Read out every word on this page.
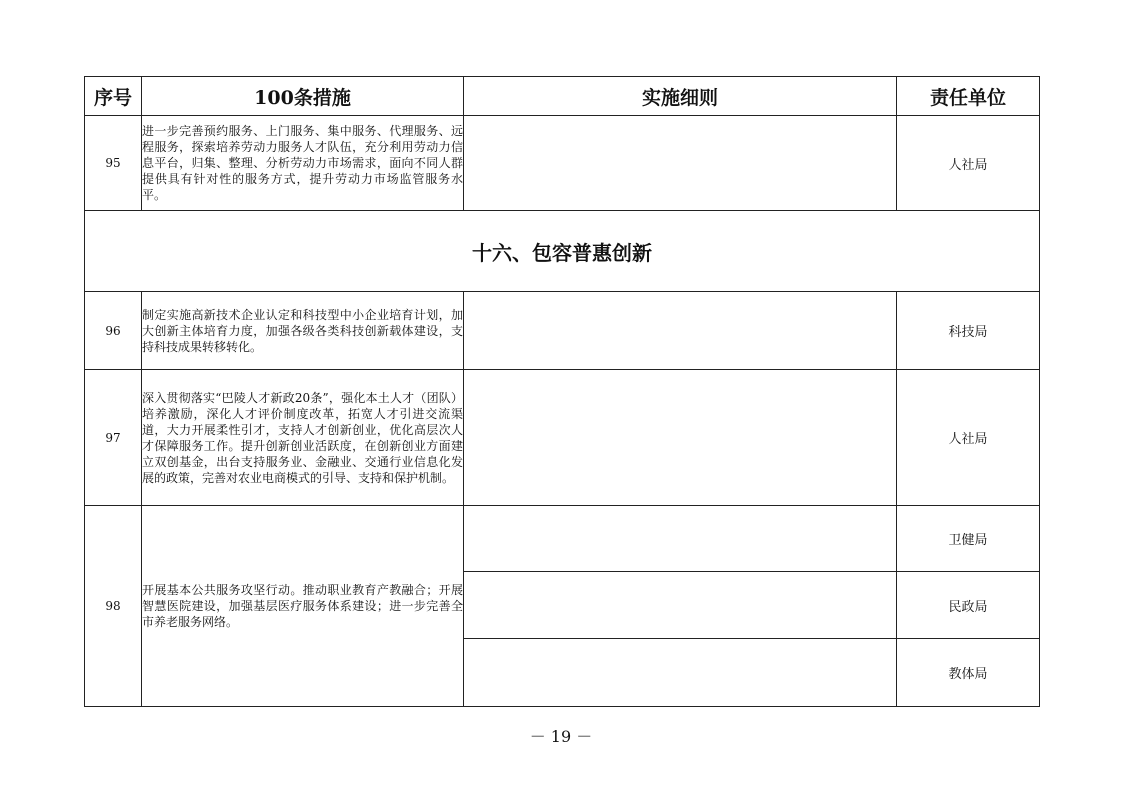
序号	100条措施	实施细则	责任单位
95	进一步完善预约服务、上门服务、集中服务、代理服务、远程服务，探索培养劳动力服务人才队伍，充分利用劳动力信息平台，归集、整理、分析劳动力市场需求，面向不同人群提供具有针对性的服务方式，提升劳动力市场监管服务水平。		人社局
十六、包容普惠创新			
96	制定实施高新技术企业认定和科技型中小企业培育计划，加大创新主体培育力度，加强各级各类科技创新载体建设，支持科技成果转移转化。		科技局
97	深入贯彻落实“巴陵人才新政20条”，强化本土人才（团队）培养激励，深化人才评价制度改革，拓宽人才引进交流渠道，大力开展柔性引才，支持人才创新创业，优化高层次人才保障服务工作。提升创新创业活跃度，在创新创业方面建立双创基金，出台支持服务业、金融业、交通行业信息化发展的政策，完善对农业电商模式的引导、支持和保护机制。		人社局
98	开展基本公共服务攻坚行动。推动职业教育产教融合；开展智慧医院建设，加强基层医疗服务体系建设；进一步完善全市养老服务网络。		卫健局
			民政局
			教体局
－ 19 －
